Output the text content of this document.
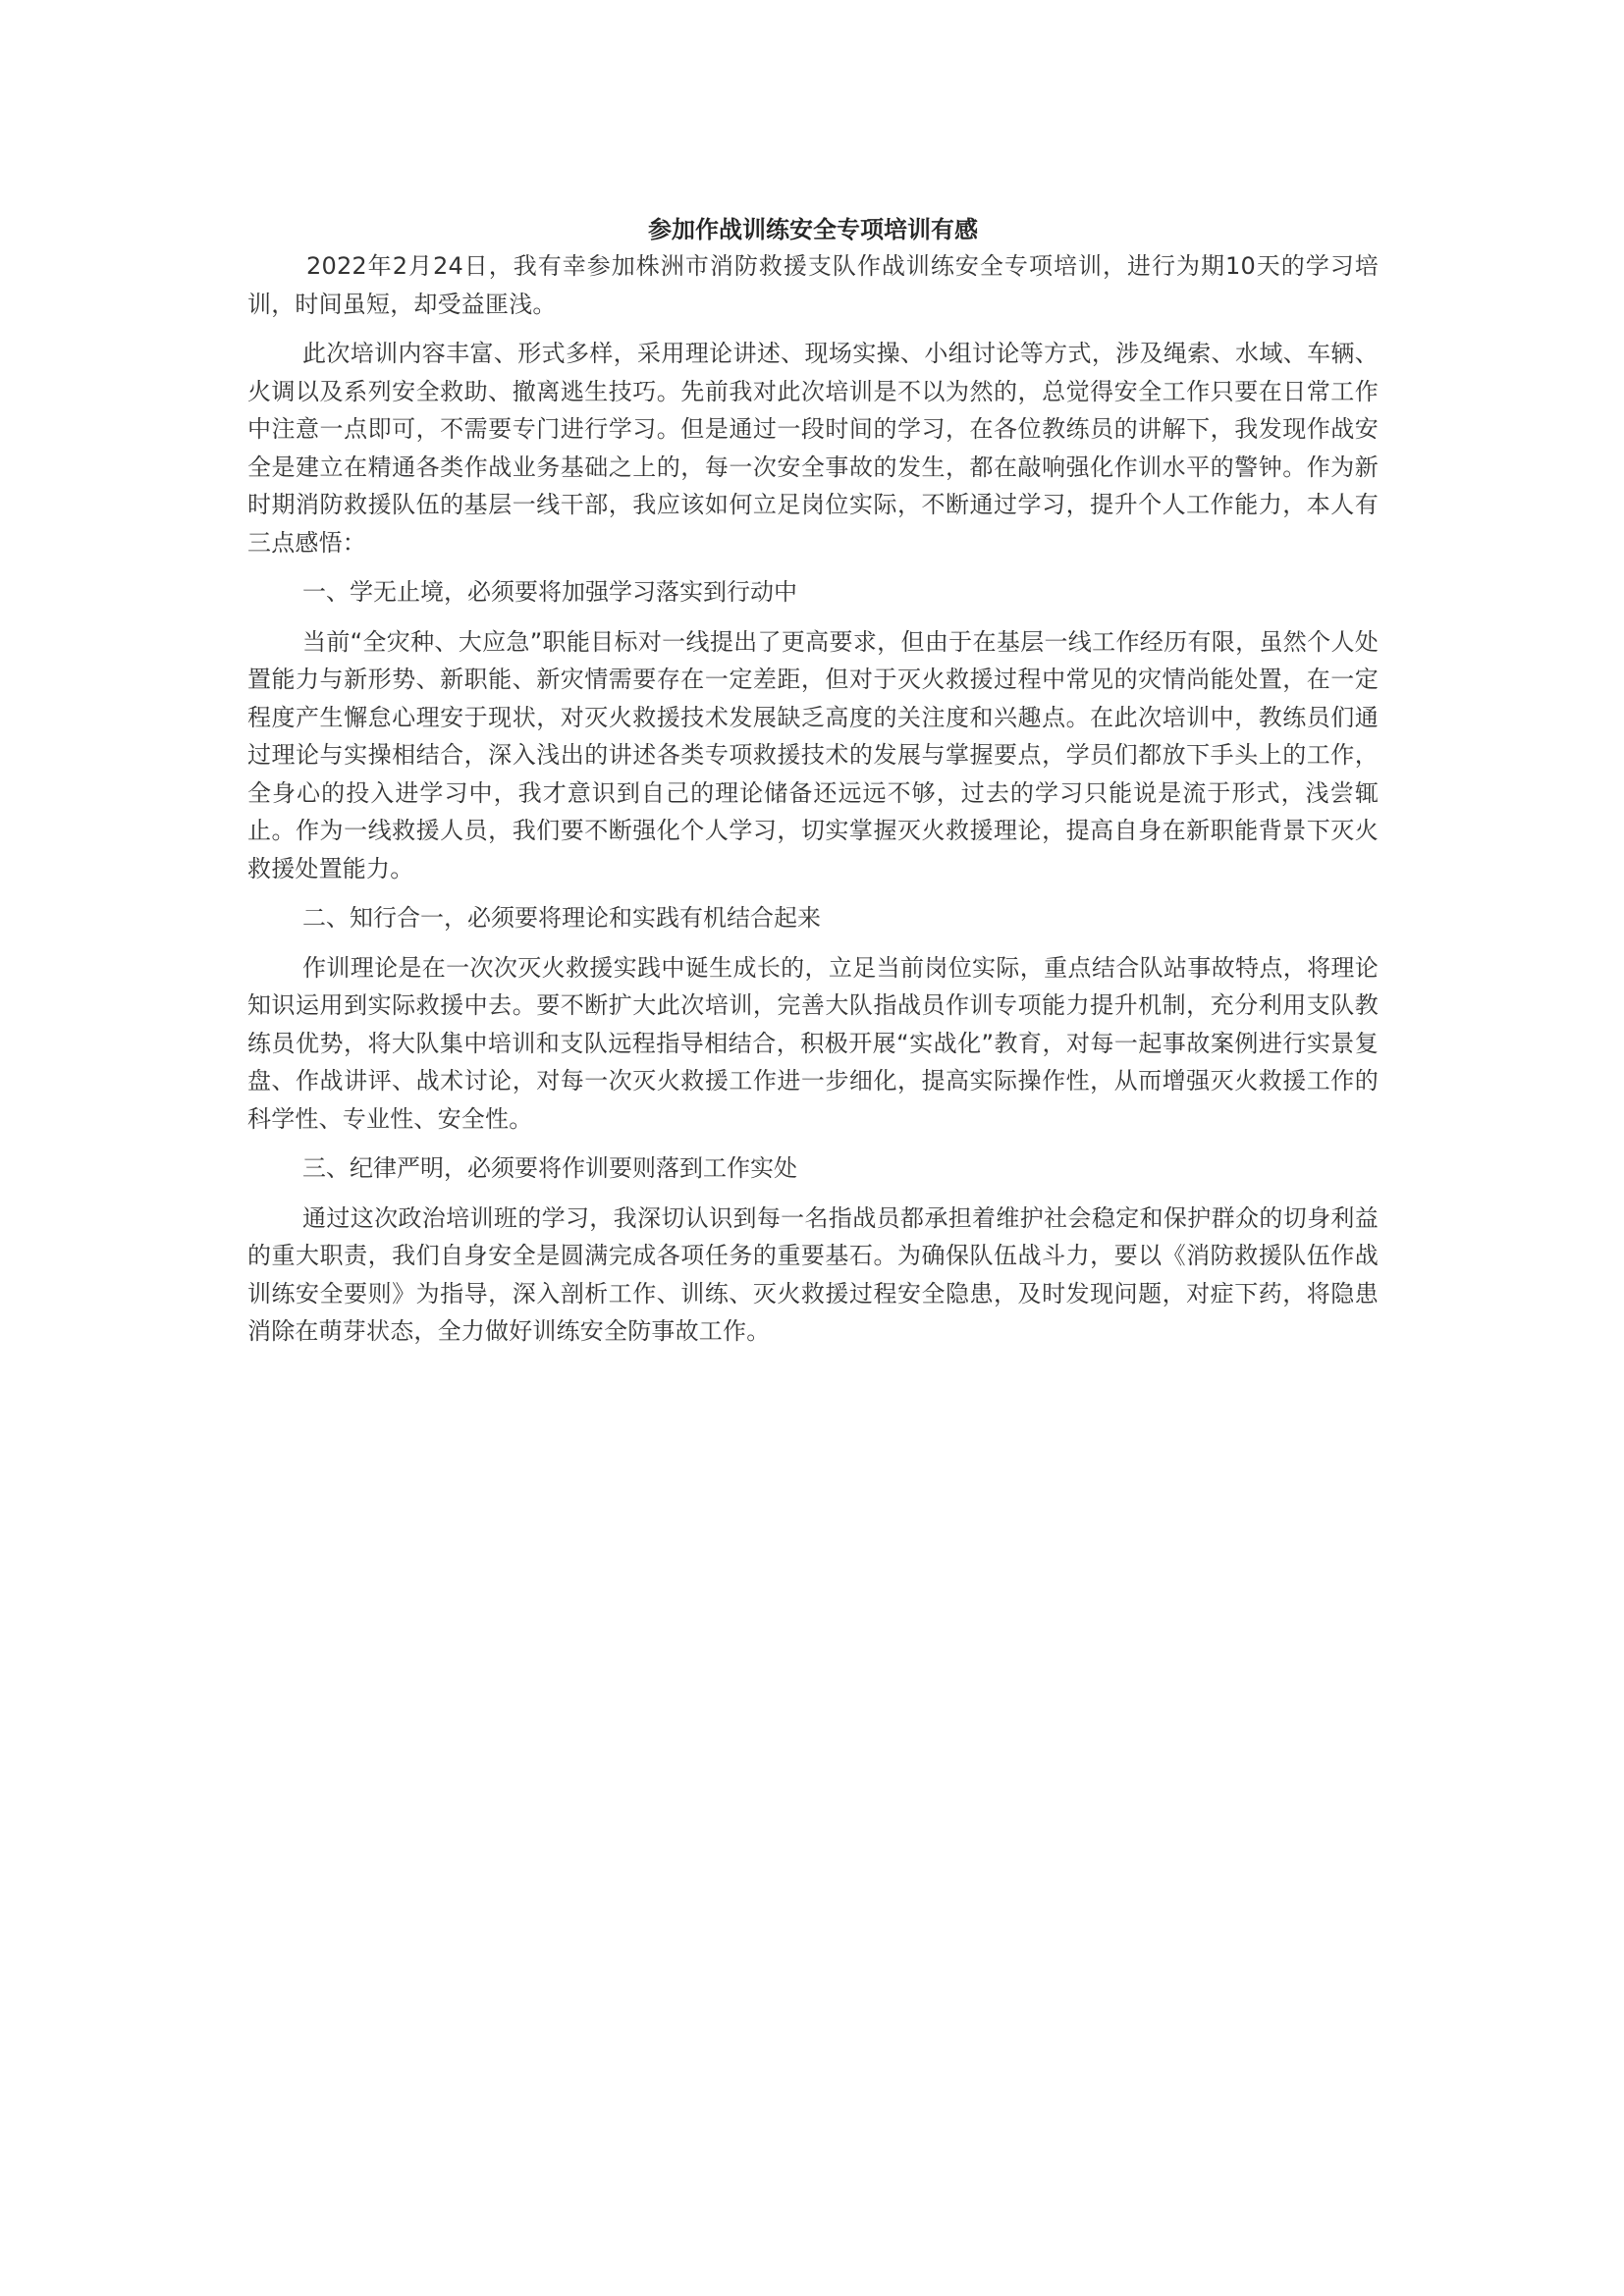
参加作战训练安全专项培训有感

2022年2月24日，我有幸参加株洲市消防救援支队作战训练安全专项培训，进行为期10天的学习培训，时间虽短，却受益匪浅。

此次培训内容丰富、形式多样，采用理论讲述、现场实操、小组讨论等方式，涉及绳索、水域、车辆、火调以及系列安全救助、撤离逃生技巧。先前我对此次培训是不以为然的，总觉得安全工作只要在日常工作中注意一点即可，不需要专门进行学习。但是通过一段时间的学习，在各位教练员的讲解下，我发现作战安全是建立在精通各类作战业务基础之上的，每一次安全事故的发生，都在敲响强化作训水平的警钟。作为新时期消防救援队伍的基层一线干部，我应该如何立足岗位实际，不断通过学习，提升个人工作能力，本人有三点感悟：

一、学无止境，必须要将加强学习落实到行动中

当前“全灾种、大应急”职能目标对一线提出了更高要求，但由于在基层一线工作经历有限，虽然个人处置能力与新形势、新职能、新灾情需要存在一定差距，但对于灭火救援过程中常见的灾情尚能处置，在一定程度产生懈怠心理安于现状，对灭火救援技术发展缺乏高度的关注度和兴趣点。在此次培训中，教练员们通过理论与实操相结合，深入浅出的讲述各类专项救援技术的发展与掌握要点，学员们都放下手头上的工作，全身心的投入进学习中，我才意识到自己的理论储备还远远不够，过去的学习只能说是流于形式，浅尝辄止。作为一线救援人员，我们要不断强化个人学习，切实掌握灭火救援理论，提高自身在新职能背景下灭火救援处置能力。

二、知行合一，必须要将理论和实践有机结合起来

作训理论是在一次次灭火救援实践中诞生成长的，立足当前岗位实际，重点结合队站事故特点，将理论知识运用到实际救援中去。要不断扩大此次培训，完善大队指战员作训专项能力提升机制，充分利用支队教练员优势，将大队集中培训和支队远程指导相结合，积极开展“实战化”教育，对每一起事故案例进行实景复盘、作战讲评、战术讨论，对每一次灭火救援工作进一步细化，提高实际操作性，从而增强灭火救援工作的科学性、专业性、安全性。

三、纪律严明，必须要将作训要则落到工作实处

通过这次政治培训班的学习，我深切认识到每一名指战员都承担着维护社会稳定和保护群众的切身利益的重大职责，我们自身安全是圆满完成各项任务的重要基石。为确保队伍战斗力，要以《消防救援队伍作战训练安全要则》为指导，深入剖析工作、训练、灭火救援过程安全隐患，及时发现问题，对症下药，将隐患消除在萌芽状态，全力做好训练安全防事故工作。
